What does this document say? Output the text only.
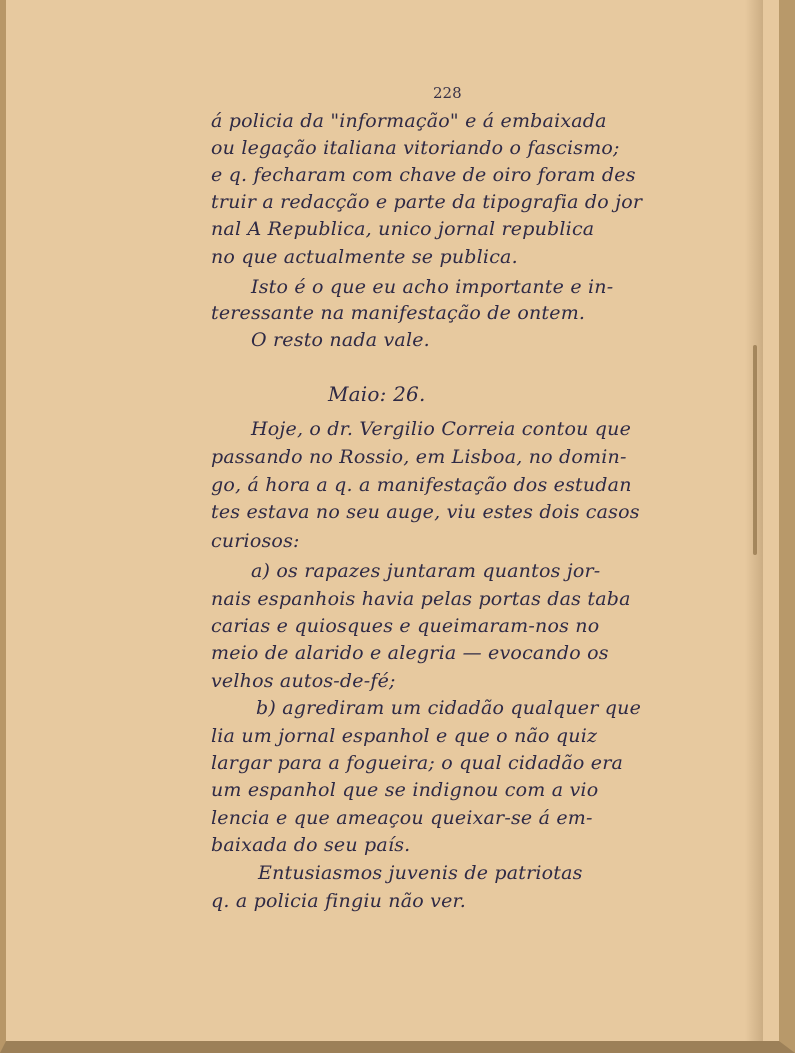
228
á policia da "informação" e á embaixada
ou legação italiana vitoriando o fascismo;
e q. fecharam com chave de oiro foram des
truir a redacção e parte da tipografia do jor
nal A Republica, unico jornal republica
no que actualmente se publica.
Isto é o que eu acho importante e in-
teressante na manifestação de ontem.
O resto nada vale.
Maio: 26.
Hoje, o dr. Vergilio Correia contou que
passando no Rossio, em Lisboa, no domin-
go, á hora a q. a manifestação dos estudan
tes estava no seu auge, viu estes dois casos
curiosos:
a) os rapazes juntaram quantos jor-
nais espanhois havia pelas portas das taba
carias e quiosques e queimaram-nos no
meio de alarido e alegria — evocando os
velhos autos-de-fé;
b) agrediram um cidadão qualquer que
lia um jornal espanhol e que o não quiz
largar para a fogueira; o qual cidadão era
um espanhol que se indignou com a vio
lencia e que ameaçou queixar-se á em-
baixada do seu país.
Entusiasmos juvenis de patriotas
q. a policia fingiu não ver.
